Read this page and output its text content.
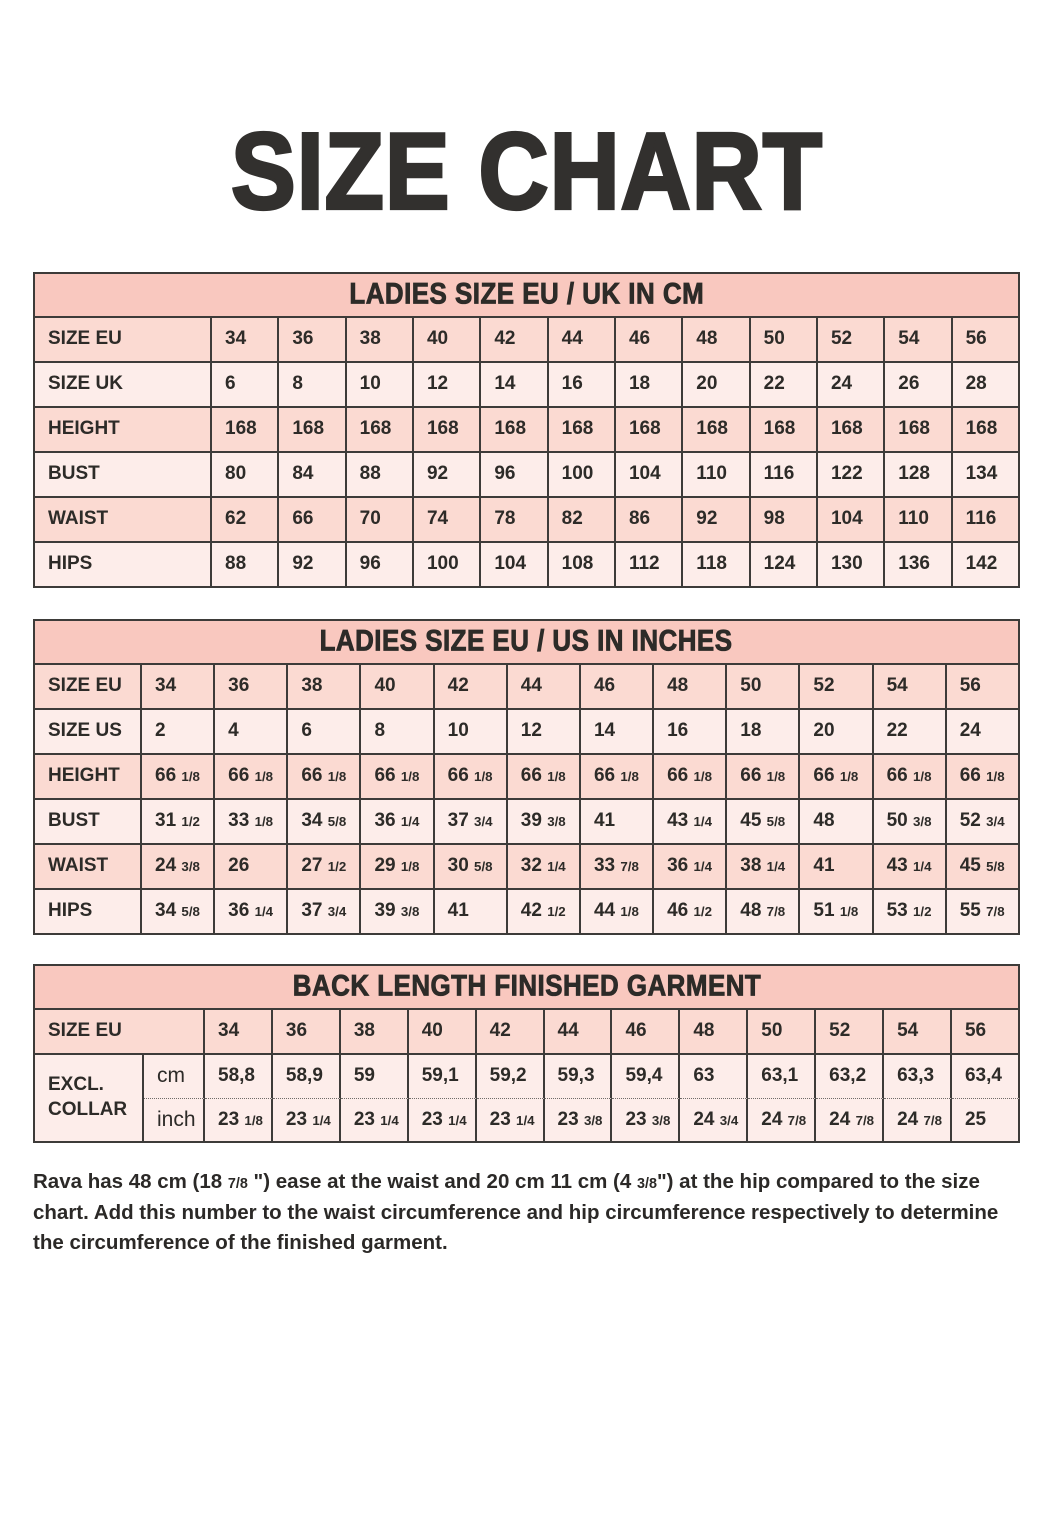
SIZE CHART
LADIES SIZE EU / UK IN CM												
SIZE EU	34	36	38	40	42	44	46	48	50	52	54	56
SIZE UK	6	8	10	12	14	16	18	20	22	24	26	28
HEIGHT	168	168	168	168	168	168	168	168	168	168	168	168
BUST	80	84	88	92	96	100	104	110	116	122	128	134
WAIST	62	66	70	74	78	82	86	92	98	104	110	116
HIPS	88	92	96	100	104	108	112	118	124	130	136	142
LADIES SIZE EU / US IN INCHES												
SIZE EU	34	36	38	40	42	44	46	48	50	52	54	56
SIZE US	2	4	6	8	10	12	14	16	18	20	22	24
HEIGHT	66 1/8	66 1/8	66 1/8	66 1/8	66 1/8	66 1/8	66 1/8	66 1/8	66 1/8	66 1/8	66 1/8	66 1/8
BUST	31 1/2	33 1/8	34 5/8	36 1/4	37 3/4	39 3/8	41	43 1/4	45 5/8	48	50 3/8	52 3/4
WAIST	24 3/8	26	27 1/2	29 1/8	30 5/8	32 1/4	33 7/8	36 1/4	38 1/4	41	43 1/4	45 5/8
HIPS	34 5/8	36 1/4	37 3/4	39 3/8	41	42 1/2	44 1/8	46 1/2	48 7/8	51 1/8	53 1/2	55 7/8
BACK LENGTH FINISHED GARMENT													
SIZE EU		34	36	38	40	42	44	46	48	50	52	54	56
EXCL. COLLAR	cm	58,8	58,9	59	59,1	59,2	59,3	59,4	63	63,1	63,2	63,3	63,4
	inch	23 1/8	23 1/4	23 1/4	23 1/4	23 1/4	23 3/8	23 3/8	24 3/4	24 7/8	24 7/8	24 7/8	25

Rava has 48 cm (18 7/8 ") ease at the waist and 20 cm 11 cm (4 3/8") at the hip compared to the size chart. Add this number to the waist circumference and hip circumference respectively to determine the circumference of the finished garment.
